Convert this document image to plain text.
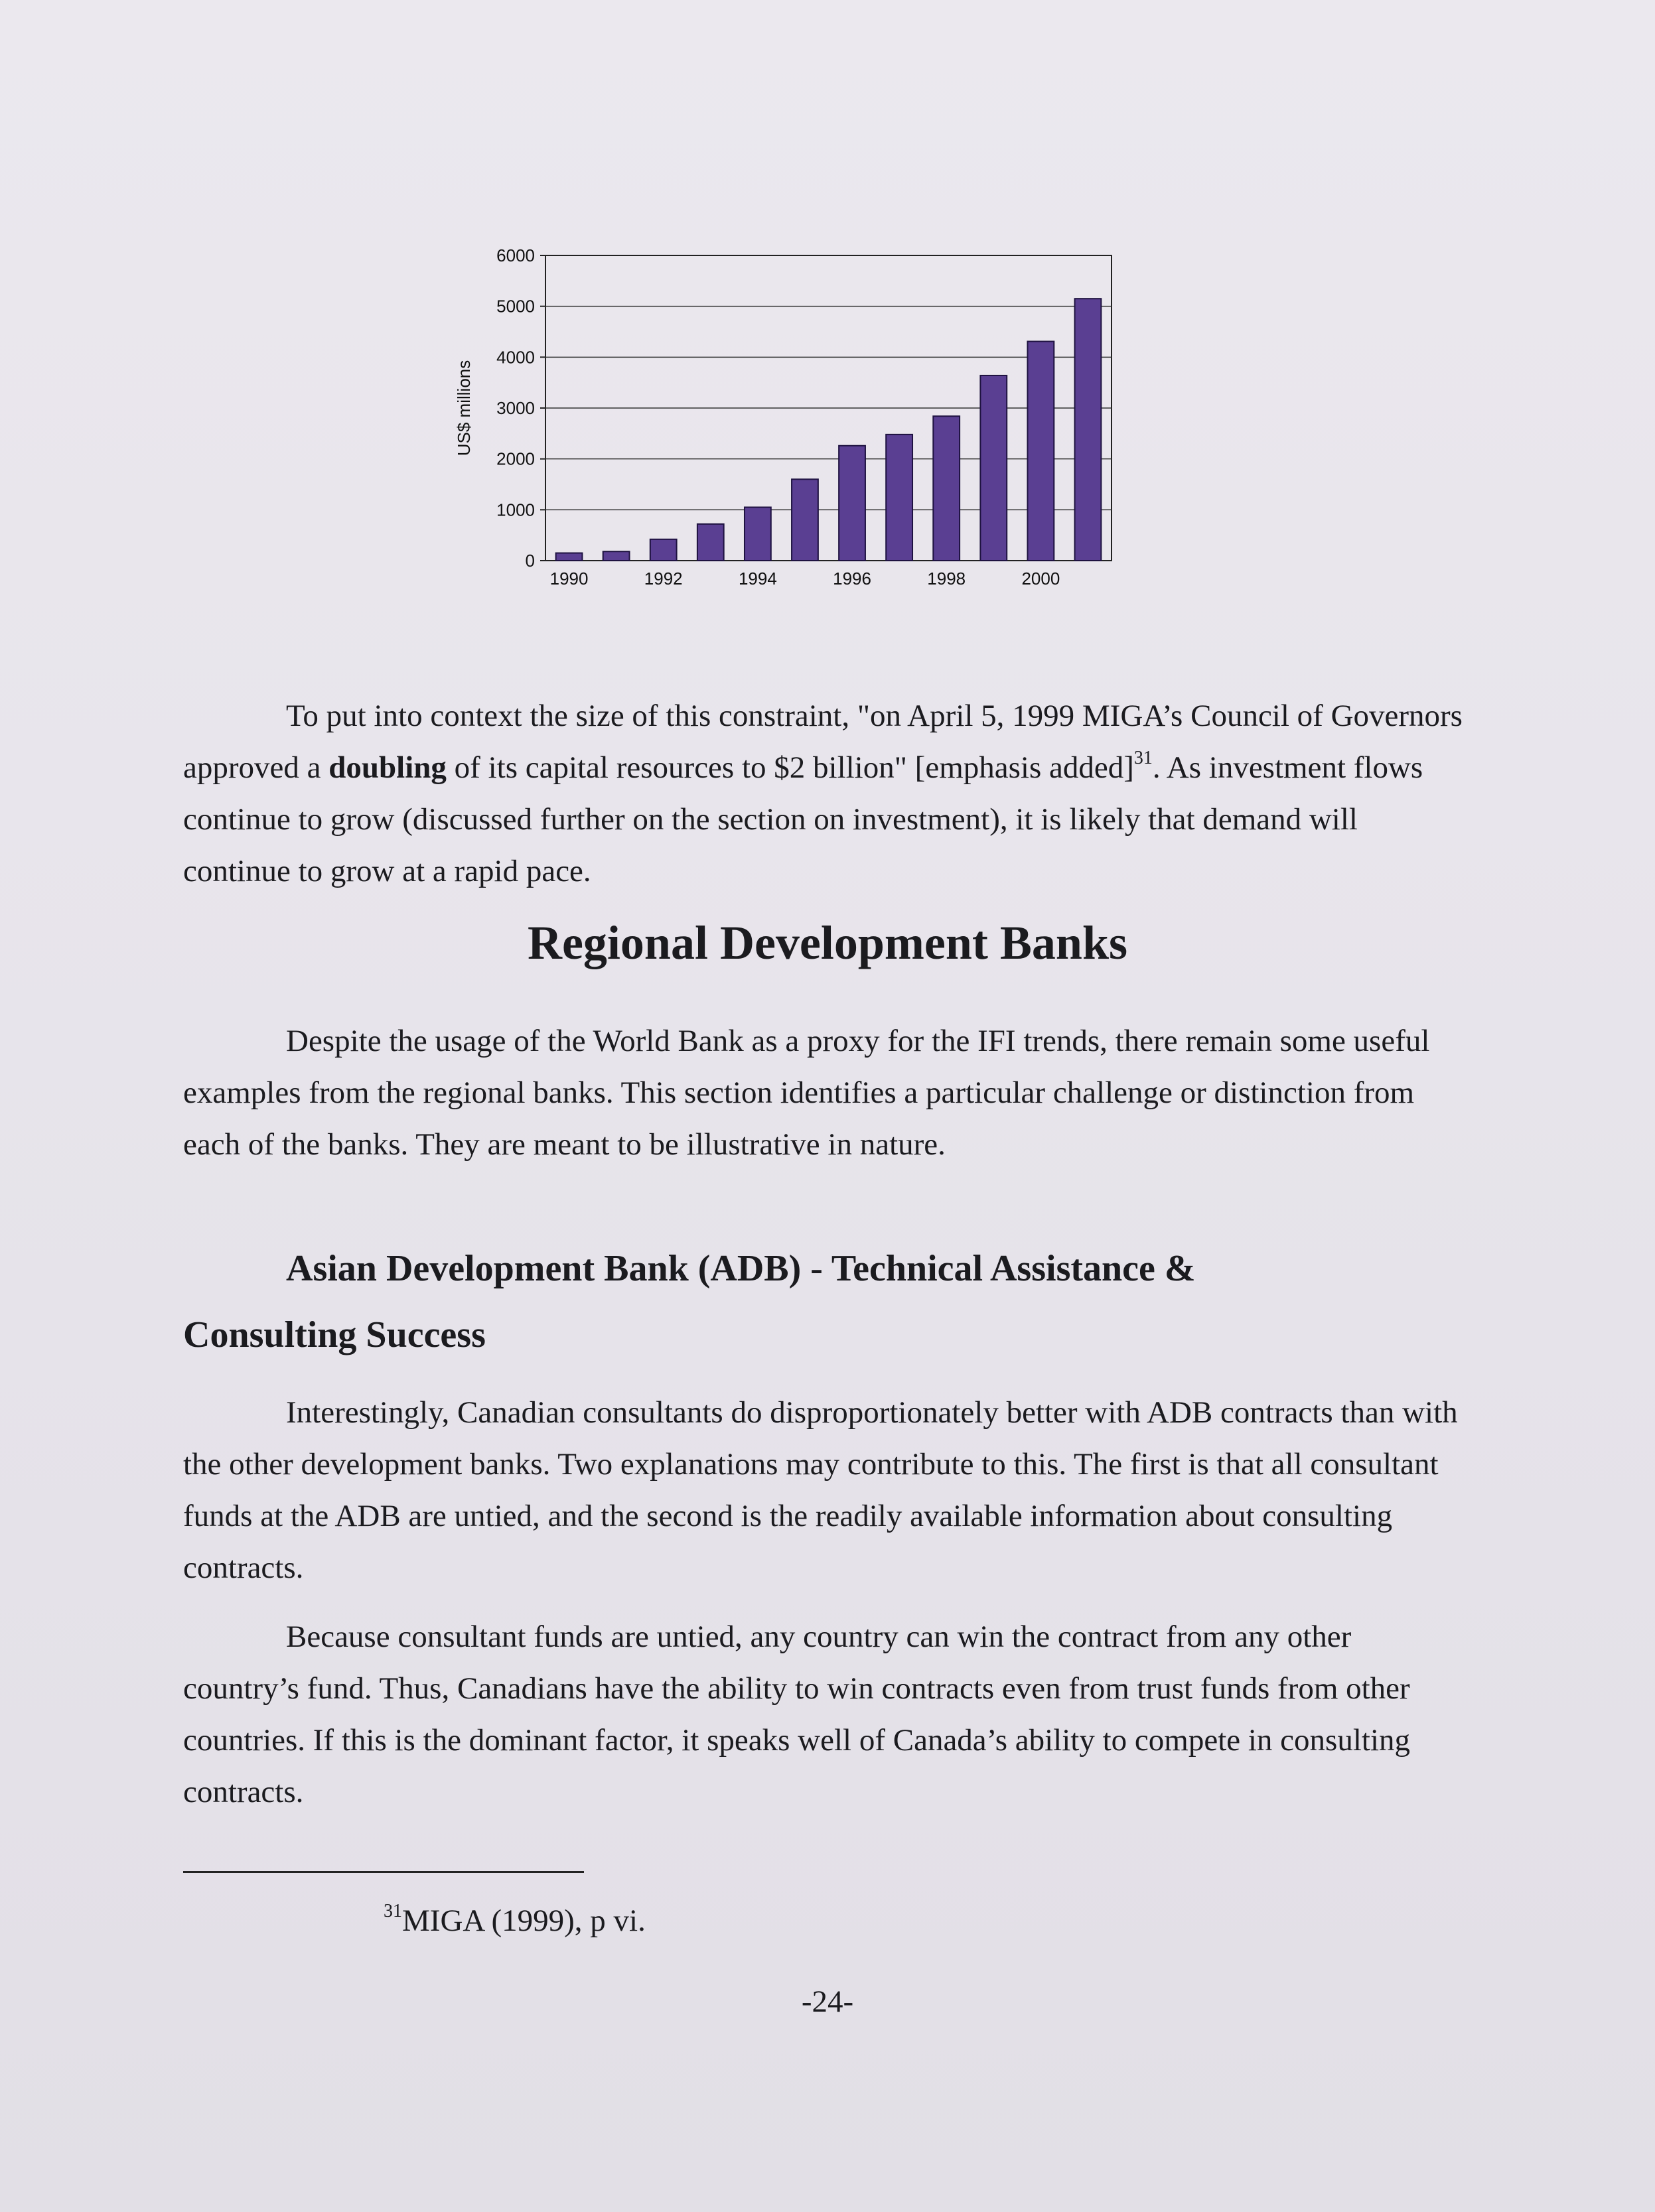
0
1000
2000
3000
4000
5000
6000
US$ millions
1990	1992	1994	1996	1998	2000

To put into context the size of this constraint, "on April 5, 1999 MIGA’s Council of Governors approved a doubling of its capital resources to $2 billion" [emphasis added]$^{31}$. As investment flows continue to grow (discussed further on the section on investment), it is likely that demand will continue to grow at a rapid pace.

Regional Development Banks

Despite the usage of the World Bank as a proxy for the IFI trends, there remain some useful examples from the regional banks. This section identifies a particular challenge or distinction from each of the banks. They are meant to be illustrative in nature.

Asian Development Bank (ADB) - Technical Assistance &
Consulting Success

Interestingly, Canadian consultants do disproportionately better with ADB contracts than with the other development banks. Two explanations may contribute to this. The first is that all consultant funds at the ADB are untied, and the second is the readily available information about consulting contracts.

Because consultant funds are untied, any country can win the contract from any other country’s fund. Thus, Canadians have the ability to win contracts even from trust funds from other countries. If this is the dominant factor, it speaks well of Canada’s ability to compete in consulting contracts.

$^{31}$MIGA (1999), p vi.

-24-
